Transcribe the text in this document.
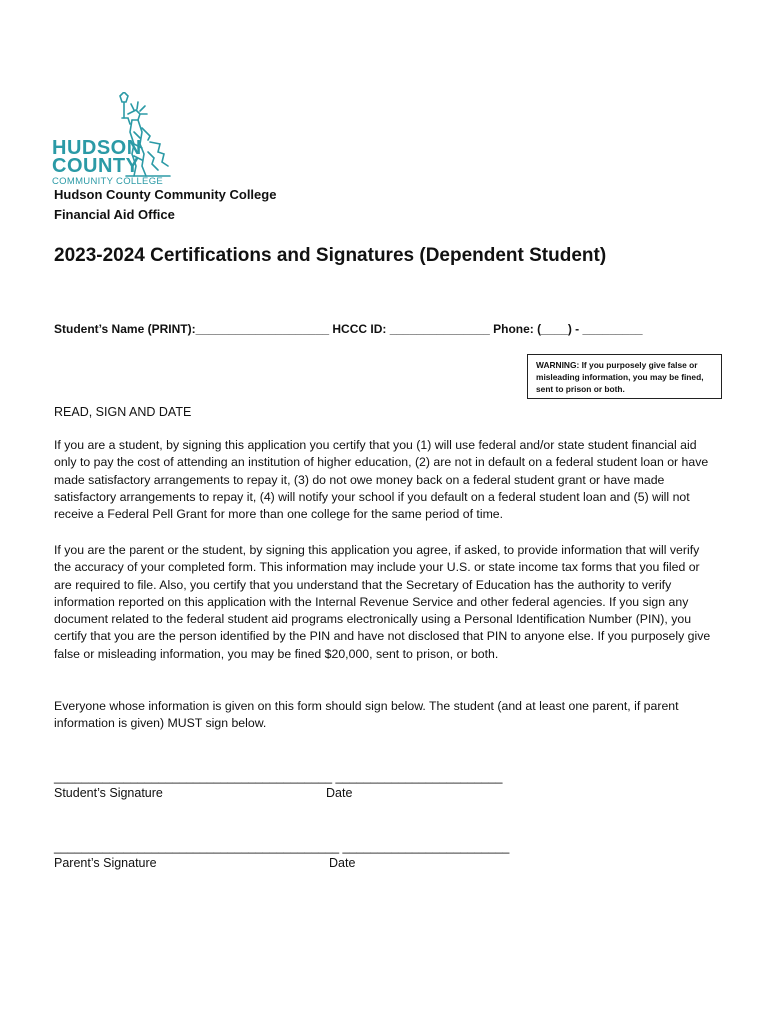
HUDSON
COUNTY
COMMUNITY COLLEGE
Hudson County Community College
Financial Aid Office
2023-2024 Certifications and Signatures (Dependent Student)
Student’s Name (PRINT):____________________ HCCC ID: _______________ Phone: (____) - _________
WARNING: If you purposely give false or misleading information, you may be fined, sent to prison or both.
READ, SIGN AND DATE

If you are a student, by signing this application you certify that you (1) will use federal and/or state student financial aid only to pay the cost of attending an institution of higher education, (2) are not in default on a federal student loan or have made satisfactory arrangements to repay it, (3) do not owe money back on a federal student grant or have made satisfactory arrangements to repay it, (4) will notify your school if you default on a federal student loan and (5) will not receive a Federal Pell Grant for more than one college for the same period of time.

If you are the parent or the student, by signing this application you agree, if asked, to provide information that will verify the accuracy of your completed form. This information may include your U.S. or state income tax forms that you filed or are required to file. Also, you certify that you understand that the Secretary of Education has the authority to verify information reported on this application with the Internal Revenue Service and other federal agencies. If you sign any document related to the federal student aid programs electronically using a Personal Identification Number (PIN), you certify that you are the person identified by the PIN and have not disclosed that PIN to anyone else. If you purposely give false or misleading information, you may be fined $20,000, sent to prison, or both.

Everyone whose information is given on this form should sign below. The student (and at least one parent, if parent information is given) MUST sign below.

________________________________________ ________________________
Student’s Signature	Date
_________________________________________ ________________________
Parent’s Signature	Date
